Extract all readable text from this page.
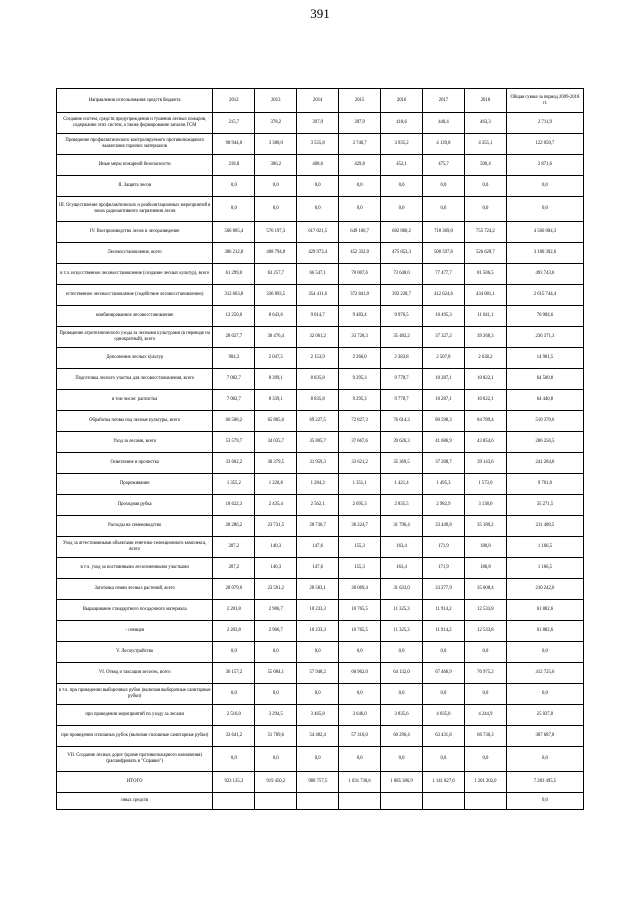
391
Направления использования средств бюджета	2012	2013	2014	2015	2016	2017	2018	Общая сумма за период 2009-2018 гг.
Создание систем, средств предупреждения и тушения лесных пожаров, содержание этих систем, а также формирование запасов ГСМ	215,7	378,2	397,9	397,9	418,6	440,4	463,3	2 711,9
Проведение профилактического контролируемого противопожарного выжигания горючих материалов	98 944,0	3 380,0	3 555,8	3 740,7	3 935,2	4 139,8	4 355,1	122 050,7
Иные меры пожарной безопасности	218,8	386,2	408,6	429,8	452,1	475,7	500,4	2 871,6
II. Защита лесов	0,0	0,0	0,0	0,0	0,0	0,0	0,0	0,0
III. Осуществление профилактических и реабилитационных мероприятий в зонах радиоактивного загрязнения лесов	0,0	0,0	0,0	0,0	0,0	0,0	0,0	0,0
IV. Воспроизводство лесов и лесоразведение	566 805,4	576 197,3	617 021,5	649 106,7	682 860,2	718 369,0	755 724,2	4 566 084,3
Лесовосстановление, всего	386 212,8	408 794,8	429 973,4	452 332,0	475 853,3	500 597,6	526 628,7	3 180 392,6
в т.ч. искусственное лесовосстановление (создание лесных культур), всего	61 299,0	63 257,7	66 547,1	70 007,6	73 648,0	77 477,7	81 506,5	493 743,6
естественное лесовосстановление (содействие лесовосстановлению)	312 663,8	336 893,5	354 411,6	372 841,0	392 228,7	412 624,6	434 081,1	2 615 744,4
комбинированное лесовосстановление	12 250,0	8 643,6	9 014,7	9 483,4	9 976,5	10 495,3	11 041,1	70 904,6
Проведение агротехнического ухода за лесными культурами (в переводе на однократный), всего	28 027,7	30 476,4	32 061,2	33 728,3	35 482,2	37 327,2	39 268,3	236 371,3
Дополнение лесных культур	904,3	2 047,5	2 153,9	2 266,0	2 383,8	2 507,8	2 638,2	14 901,5
Подготовка лесного участка для лесовосстановления, всего	7 082,7	8 399,1	8 835,8	9 295,3	9 778,7	10 287,1	10 822,1	64 500,8
в том числе: расчистка	7 082,7	8 339,1	8 835,8	9 295,3	9 778,7	10 287,1	10 822,1	64 440,8
Обработка почвы под лесные культуры, всего	60 508,2	65 805,6	69 227,5	72 827,3	76 614,3	80 598,3	84 789,4	510 370,6
Уход за лесами, всего	53 579,7	34 035,7	35 805,7	37 667,6	39 626,3	41 686,9	43 854,6	286 256,5
Осветление и прочистка	33 602,2	30 379,5	31 959,3	33 621,2	35 369,5	37 208,7	39 143,6	241 284,0
Прореживание	1 355,2	1 220,8	1 284,3	1 351,1	1 421,4	1 495,3	1 573,0	9 701,0
Проходная рубка	18 622,3	2 435,4	2 562,1	2 695,3	2 835,5	2 982,9	3 138,0	35 271,5
Расходы на семеноводство	28 286,2	23 731,5	28 730,7	30 224,7	31 796,4	33 449,8	35 189,2	211 408,5
Уход за аттестованными объектами генетико-селекционного комплекса, всего	207,2	140,3	147,6	155,3	163,4	171,9	180,8	1 166,5
в т.ч. уход за постоянными лесосеменными участками	207,2	140,3	147,6	155,3	163,4	171,9	180,8	1 166,5
Заготовка семян лесных растений, всего	28 079,0	23 591,2	28 583,1	30 069,4	31 633,0	33 277,9	35 008,4	210 242,0
Выращивание стандартного посадочного материала	2 203,8	2 906,7	10 233,3	10 765,5	11 325,3	11 914,2	12 533,8	61 882,6
- сеянцев	2 203,8	2 906,7	10 233,3	10 765,5	11 325,3	11 914,2	12 533,8	61 882,6
V. Лесоустройство	0,0	0,0	0,0	0,0	0,0	0,0	0,0	0,0
VI. Отвод и таксация лесосек, всего	36 157,2	55 084,1	57 948,2	60 962,0	64 132,0	67 466,9	70 975,2	412 725,6
в т.ч. при проведении выборочных рубок (включая выборочные санитарные рубки)	0,0	0,0	0,0	0,0	0,0	0,0	0,0	0,0
при проведении мероприятий по уходу за лесами	2 516,0	3 294,5	3 465,8	3 646,0	3 835,6	4 035,0	4 244,9	25 037,8
при проведении сплошных рубок (включая сплошные санитарные рубки)	33 641,2	51 789,6	54 482,4	57 316,0	60 296,4	63 431,8	66 730,3	387 687,8
VII. Создание лесных дорог (кроме противопожарного назначения) (расшифровать в "Справке")	0,0	0,0	0,0	0,0	0,0	0,0	0,0	0,0
ИТОГО	923 135,3	919 450,2	980 757,5	1 031 736,6	1 085 386,9	1 141 827,0	1 201 202,0	7 283 495,5
иных средств								0,0
